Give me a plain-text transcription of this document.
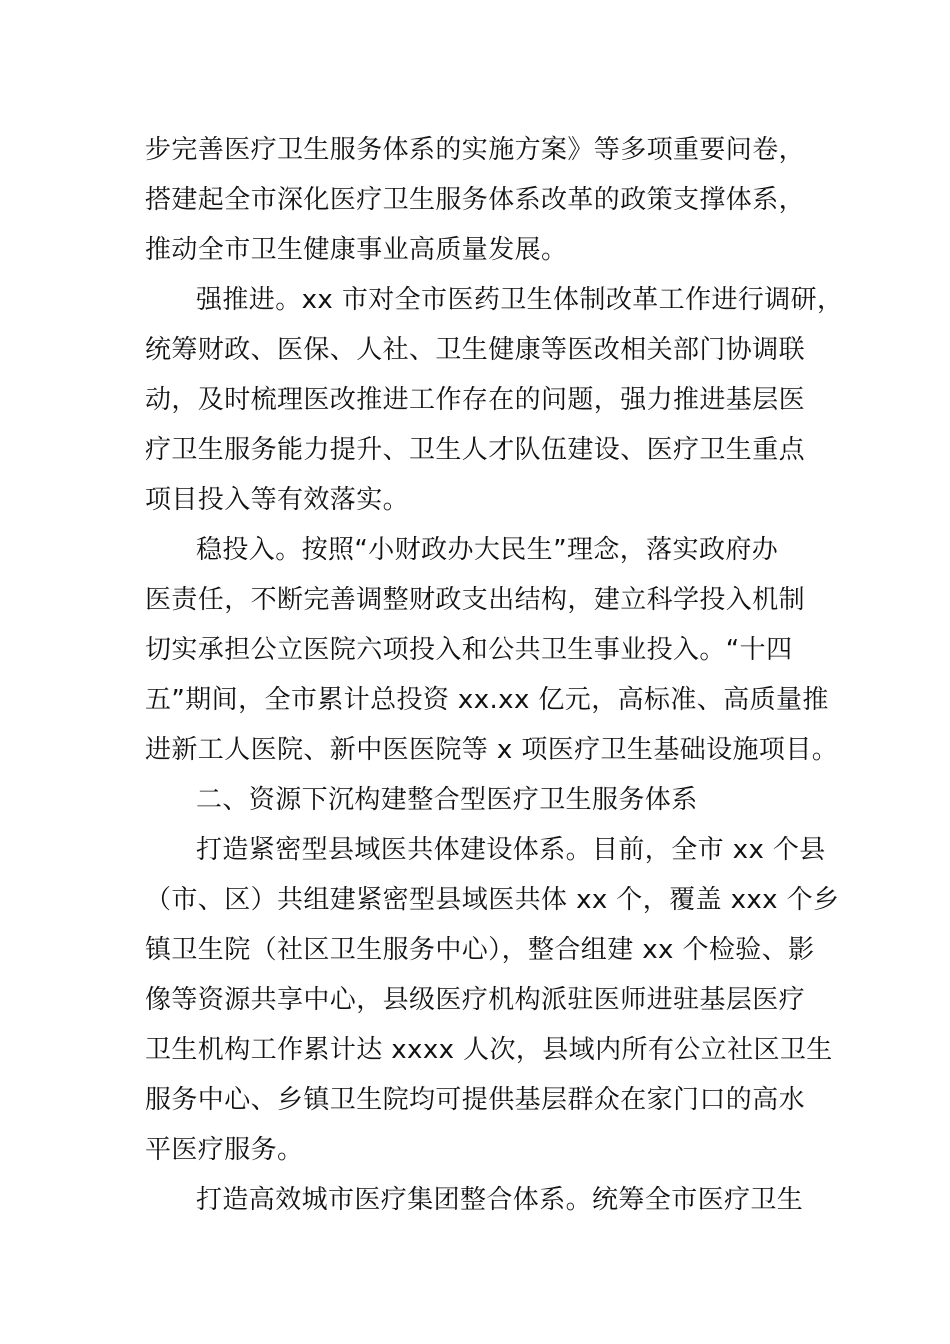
步完善医疗卫生服务体系的实施方案》等多项重要问卷，
搭建起全市深化医疗卫生服务体系改革的政策支撑体系，
推动全市卫生健康事业高质量发展。
强推进。xx 市对全市医药卫生体制改革工作进行调研，
统筹财政、医保、人社、卫生健康等医改相关部门协调联
动，及时梳理医改推进工作存在的问题，强力推进基层医
疗卫生服务能力提升、卫生人才队伍建设、医疗卫生重点
项目投入等有效落实。
稳投入。按照“小财政办大民生”理念，落实政府办
医责任，不断完善调整财政支出结构，建立科学投入机制
切实承担公立医院六项投入和公共卫生事业投入。“十四
五”期间，全市累计总投资 xx.xx 亿元，高标准、高质量推
进新工人医院、新中医医院等 x 项医疗卫生基础设施项目。
二、资源下沉构建整合型医疗卫生服务体系
打造紧密型县域医共体建设体系。目前，全市 xx 个县
（市、区）共组建紧密型县域医共体 xx 个，覆盖 xxx 个乡
镇卫生院（社区卫生服务中心），整合组建 xx 个检验、影
像等资源共享中心，县级医疗机构派驻医师进驻基层医疗
卫生机构工作累计达 xxxx 人次，县域内所有公立社区卫生
服务中心、乡镇卫生院均可提供基层群众在家门口的高水
平医疗服务。
打造高效城市医疗集团整合体系。统筹全市医疗卫生
